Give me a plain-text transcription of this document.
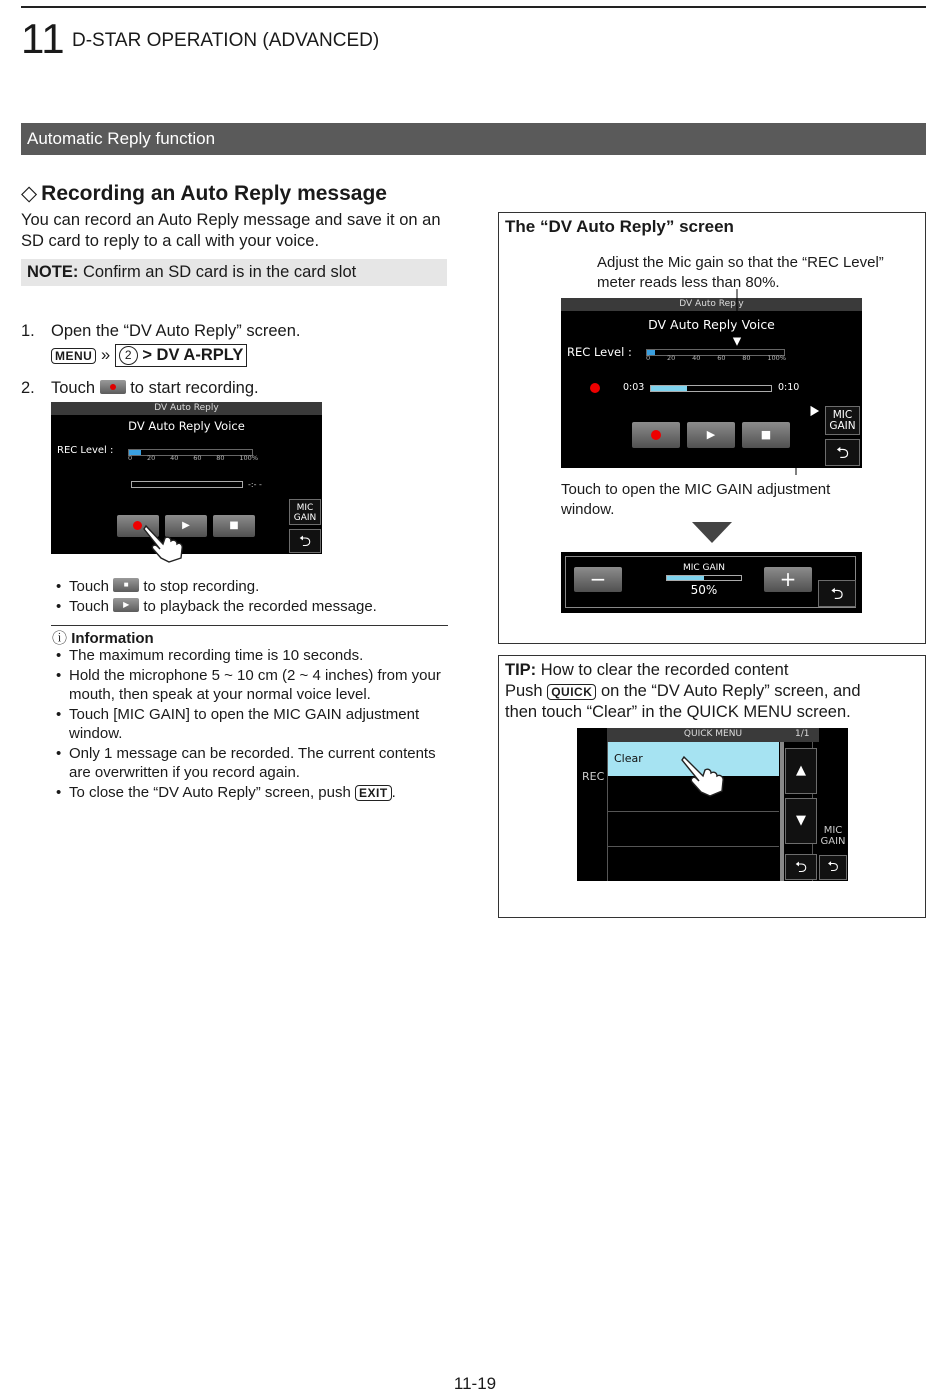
11 D-STAR OPERATION (ADVANCED)
Automatic Reply function
◇ Recording an Auto Reply message
You can record an Auto Reply message and save it on an SD card to reply to a call with your voice.
NOTE: Confirm an SD card is in the card slot
1. Open the “DV Auto Reply” screen.
MENU » 2 > DV A-RPLY
2. Touch to start recording.
DV Auto Reply
DV Auto Reply Voice
REC Level :
0 20 40 60 80 100%
-:- -
MIC
GAIN
⮌
▶	■
• Touch	■ to stop recording.
• Touch	▶ to playback the recorded message.
ⓘ Information
• The maximum recording time is 10 seconds.
• Hold the microphone 5 ~ 10 cm (2 ~ 4 inches) from your mouth, then speak at your normal voice level.
• Touch [MIC GAIN] to open the MIC GAIN adjustment window.
• Only 1 message can be recorded. The current contents are overwritten if you record again.
• To close the “DV Auto Reply” screen, push EXIT .
The “DV Auto Reply” screen
Adjust the Mic gain so that the “REC Level” meter reads less than 80%.
DV Auto Reply
DV Auto Reply Voice
REC Level : 0	20	40	60	80	100%
0:03	0:10
MIC
GAIN
⮌
▶	■
Touch to open the MIC GAIN adjustment window.
−	MIC GAIN
50%	+
⮌
TIP: How to clear the recorded content
Push QUICK on the “DV Auto Reply” screen, and
then touch “Clear” in the QUICK MENU screen.
QUICK MENU	1/1
REC
Clear
▲
▼
⮌
MIC
GAIN
⮌
11-19
